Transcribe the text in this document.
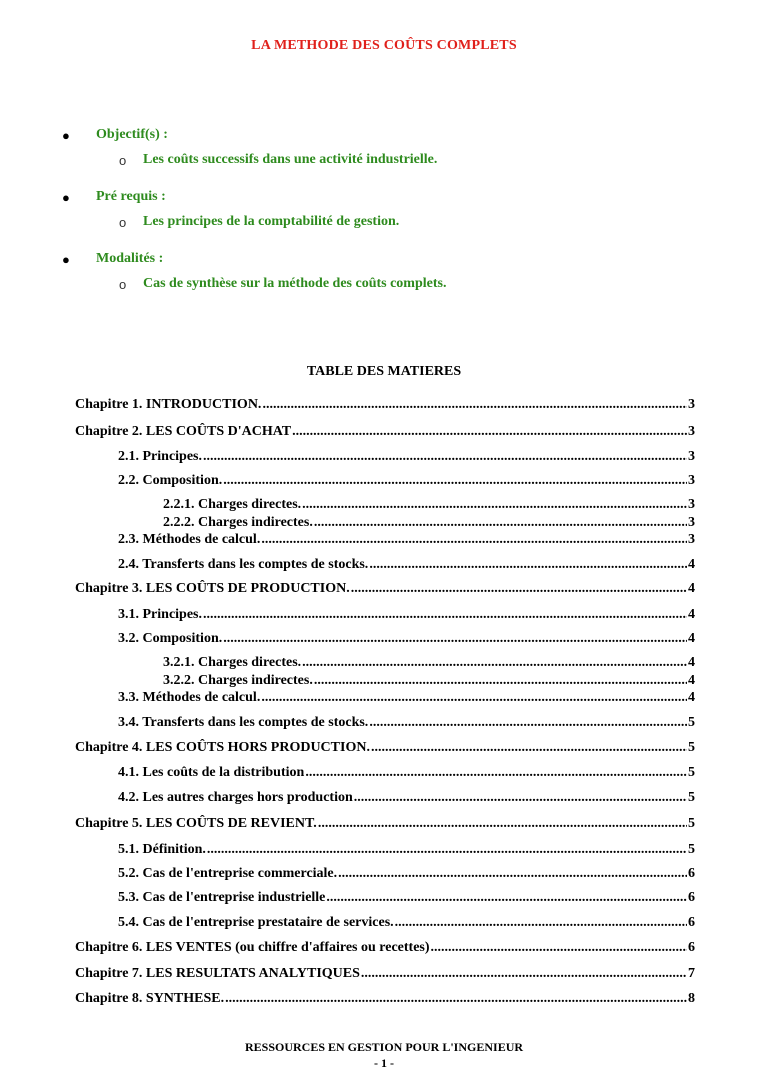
LA METHODE DES COÛTS COMPLETS
● Objectif(s) :
o Les coûts successifs dans une activité industrielle.
● Pré requis :
o Les principes de la comptabilité de gestion.
● Modalités :
o Cas de synthèse sur la méthode des coûts complets.
TABLE DES MATIERES
Chapitre 1. INTRODUCTION. .....	3
Chapitre 2. LES COÛTS D'ACHAT .....	3
2.1. Principes. .....	3
2.2. Composition. .....	3
2.2.1. Charges directes. .....	3
2.2.2. Charges indirectes. .....	3
2.3. Méthodes de calcul. .....	3
2.4. Transferts dans les comptes de stocks. .....	4
Chapitre 3. LES COÛTS DE PRODUCTION. .....	4
3.1. Principes. .....	4
3.2. Composition. .....	4
3.2.1. Charges directes. .....	4
3.2.2. Charges indirectes. .....	4
3.3. Méthodes de calcul. .....	4
3.4. Transferts dans les comptes de stocks. .....	5
Chapitre 4. LES COÛTS HORS PRODUCTION. .....	5
4.1. Les coûts de la distribution .....	5
4.2. Les autres charges hors production .....	5
Chapitre 5. LES COÛTS DE REVIENT. .....	5
5.1. Définition. .....	5
5.2. Cas de l'entreprise commerciale. .....	6
5.3. Cas de l'entreprise industrielle .....	6
5.4. Cas de l'entreprise prestataire de services. .....	6
Chapitre 6. LES VENTES (ou chiffre d'affaires ou recettes) .....	6
Chapitre 7. LES RESULTATS ANALYTIQUES .....	7
Chapitre 8. SYNTHESE. .....	8
RESSOURCES EN GESTION POUR L'INGENIEUR
- 1 -
